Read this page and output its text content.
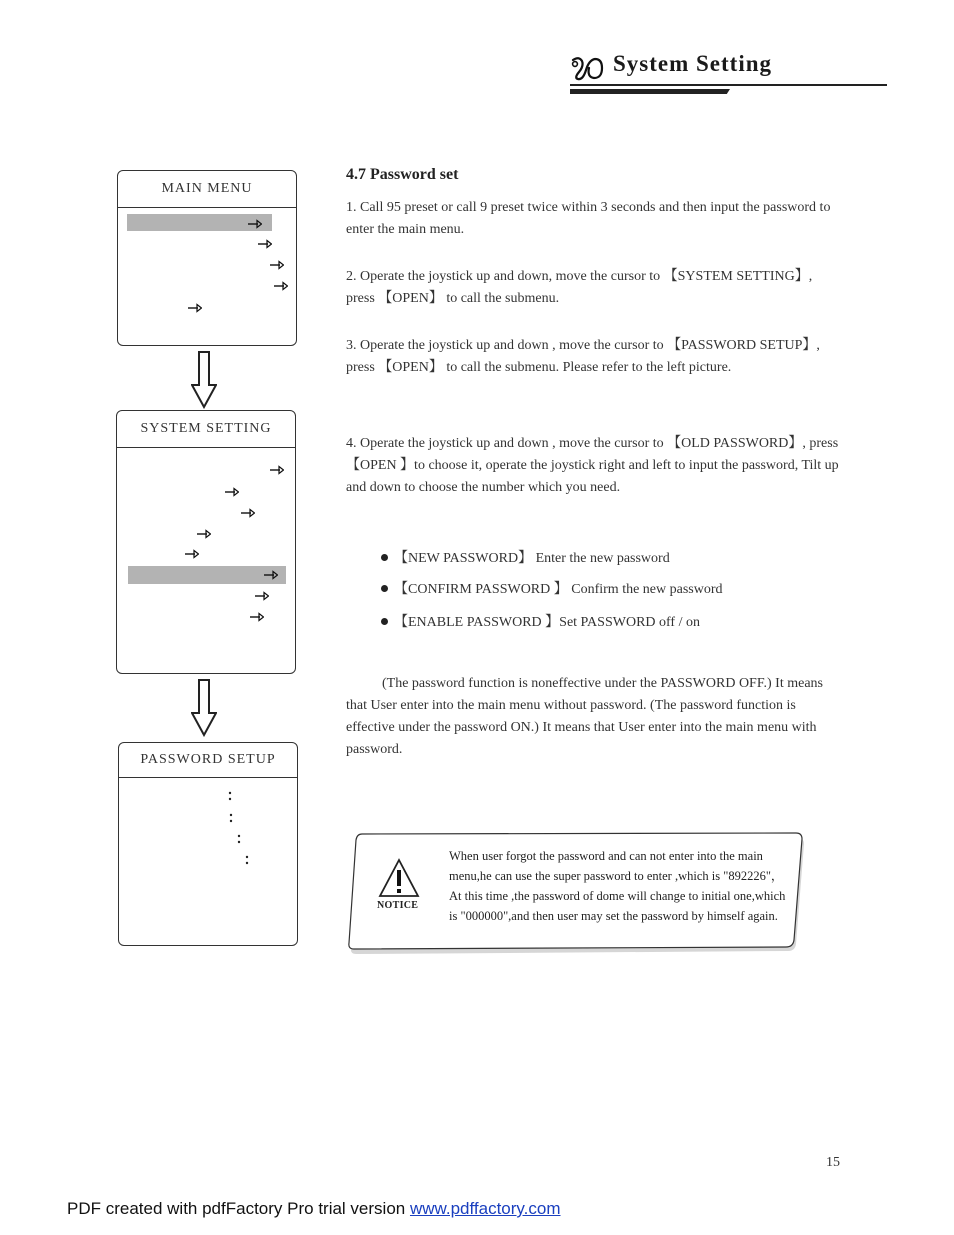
System Setting
MAIN MENU
SYSTEM SETTING
PASSWORD SETUP
4.7 Password set
1. Call 95 preset or call 9 preset twice within 3 seconds and then input the password to enter the main menu.
2. Operate the joystick up and down, move the cursor to 【SYSTEM SETTING】, press 【OPEN】 to call the submenu.
3. Operate the joystick up and down , move the cursor to 【PASSWORD SETUP】, press 【OPEN】 to call the submenu. Please refer to the left picture.
4. Operate the joystick up and down , move the cursor to 【OLD PASSWORD】, press 【OPEN 】to choose it, operate the joystick right and left to input the password, Tilt up and down to choose the number which you need.
【NEW PASSWORD】 Enter the new password
【CONFIRM PASSWORD 】 Confirm the new password
【ENABLE PASSWORD 】Set PASSWORD off / on
(The password function is noneffective under the PASSWORD OFF.) It means that User enter into the main menu without password. (The password function is effective under the password ON.) It means that User enter into the main menu with password.
NOTICE
When user forgot the password and can not enter into the main menu,he can use the super password to enter ,which is "892226"，At this time ,the password of dome will change to initial one,which is "000000",and then user may set the password by himself again.
15
PDF created with pdfFactory Pro trial version www.pdffactory.com
